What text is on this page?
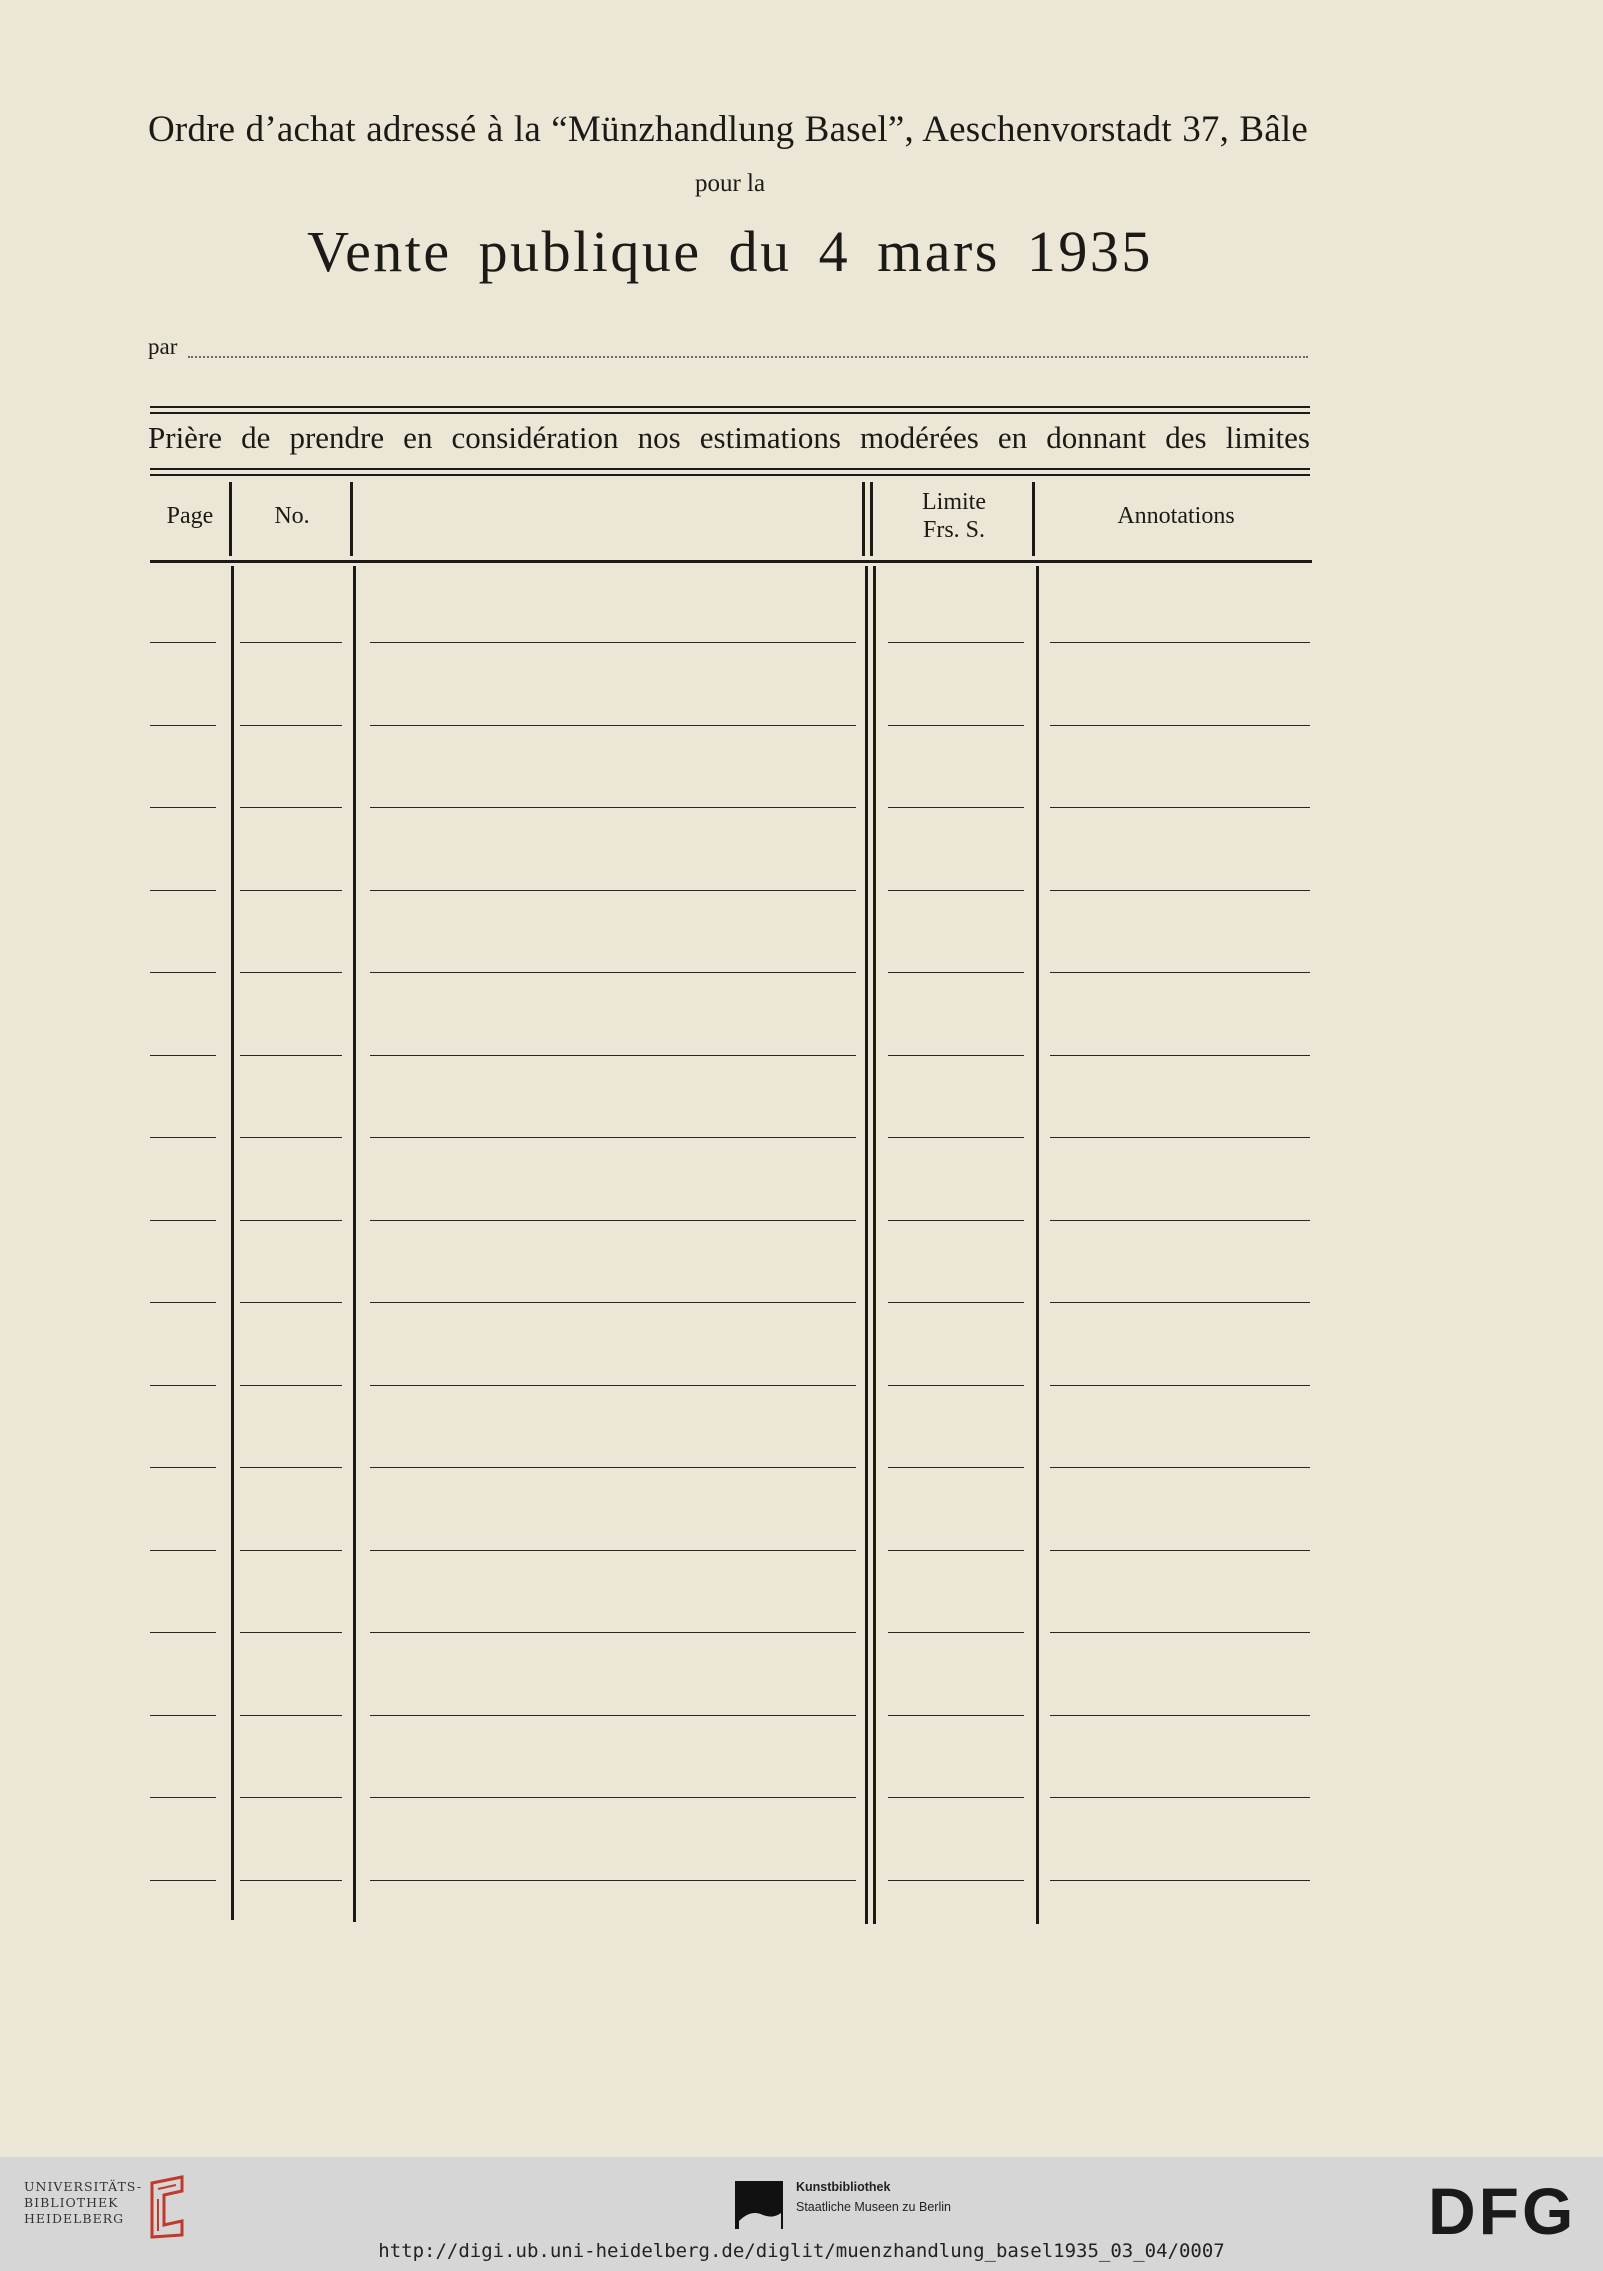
Ordre d’achat adressé à la “Münzhandlung Basel”, Aeschenvorstadt 37, Bâle
pour la
Vente publique du 4 mars 1935
par
Prière de prendre en considération nos estimations modérées en donnant des limites
Page	No.
Limite
Frs. S.
Annotations
UNIVERSITÄTS-
BIBLIOTHEK
HEIDELBERG
Kunstbibliothek
Staatliche Museen zu Berlin	DFG
http://digi.ub.uni-heidelberg.de/diglit/muenzhandlung_basel1935_03_04/0007
